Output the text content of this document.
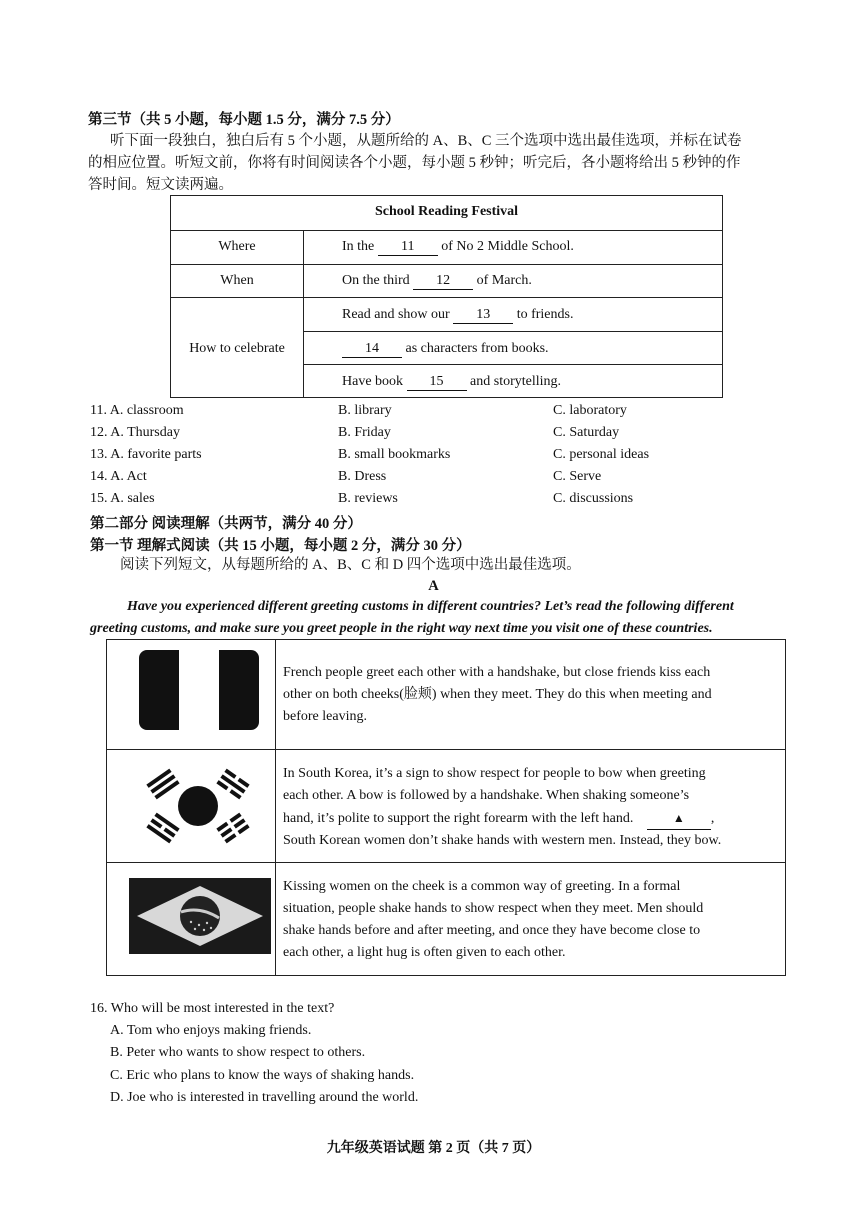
第三节（共 5 小题，每小题 1.5 分，满分 7.5 分）
听下面一段独白，独白后有 5 个小题，从题所给的 A、B、C 三个选项中选出最佳选项，并标在试卷
的相应位置。听短文前，你将有时间阅读各个小题，每小题 5 秒钟；听完后，各小题将给出 5 秒钟的作
答时间。短文读两遍。
School Reading Festival
Where	In the 11 of No 2 Middle School.
When	On the third 12 of March.
How to celebrate
Read and show our 13 to friends.
14 as characters from books.
Have book 15 and storytelling.
11. A. classroom	B. library	C. laboratory
12. A. Thursday	B. Friday	C. Saturday
13. A. favorite parts	B. small bookmarks	C. personal ideas
14. A. Act	B. Dress	C. Serve
15. A. sales	B. reviews	C. discussions
第二部分 阅读理解（共两节，满分 40 分）
第一节 理解式阅读（共 15 小题，每小题 2 分，满分 30 分）
阅读下列短文，从每题所给的 A、B、C 和 D 四个选项中选出最佳选项。
A
Have you experienced different greeting customs in different countries? Let’s read the following different
greeting customs, and make sure you greet people in the right way next time you visit one of these countries.
French people greet each other with a handshake, but close friends kiss each
other on both cheeks(脸颊) when they meet. They do this when meeting and
before leaving.
In South Korea, it’s a sign to show respect for people to bow when greeting
each other. A bow is followed by a handshake. When shaking someone’s
hand, it’s polite to support the right forearm with the left hand.	▲ ,
South Korean women don’t shake hands with western men. Instead, they bow.
Kissing women on the cheek is a common way of greeting. In a formal
situation, people shake hands to show respect when they meet. Men should
shake hands before and after meeting, and once they have become close to
each other, a light hug is often given to each other.
16. Who will be most interested in the text?
A. Tom who enjoys making friends.
B. Peter who wants to show respect to others.
C. Eric who plans to know the ways of shaking hands.
D. Joe who is interested in travelling around the world.
九年级英语试题 第 2 页（共 7 页）
